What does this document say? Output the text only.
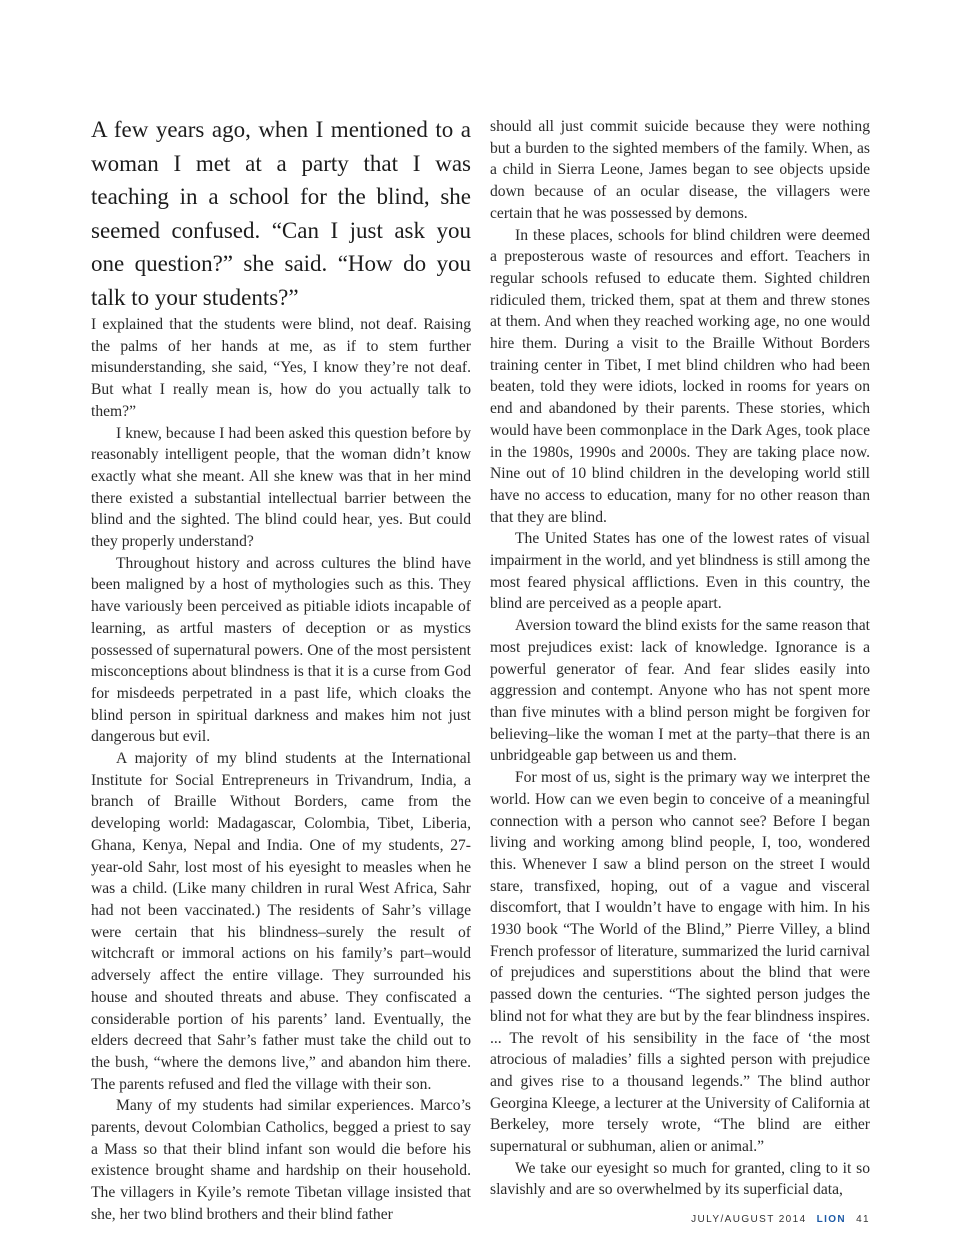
A few years ago, when I mentioned to a woman I met at a party that I was teaching in a school for the blind, she seemed confused. “Can I just ask you one question?” she said. “How do you talk to your students?”

I explained that the students were blind, not deaf. Raising the palms of her hands at me, as if to stem further misunderstanding, she said, “Yes, I know they’re not deaf. But what I really mean is, how do you actually talk to them?”

I knew, because I had been asked this question before by reasonably intelligent people, that the woman didn’t know exactly what she meant. All she knew was that in her mind there existed a substantial intellectual barrier between the blind and the sighted. The blind could hear, yes. But could they properly understand?

Throughout history and across cultures the blind have been maligned by a host of mythologies such as this. They have variously been perceived as pitiable idiots incapable of learning, as artful masters of deception or as mystics possessed of supernatural powers. One of the most persistent misconceptions about blindness is that it is a curse from God for misdeeds perpetrated in a past life, which cloaks the blind person in spiritual darkness and makes him not just dangerous but evil.

A majority of my blind students at the International Institute for Social Entrepreneurs in Trivandrum, India, a branch of Braille Without Borders, came from the developing world: Madagascar, Colombia, Tibet, Liberia, Ghana, Kenya, Nepal and India. One of my students, 27-year-old Sahr, lost most of his eyesight to measles when he was a child. (Like many children in rural West Africa, Sahr had not been vaccinated.) The residents of Sahr’s village were certain that his blindness–surely the result of witchcraft or immoral actions on his family’s part–would adversely affect the entire village. They surrounded his house and shouted threats and abuse. They confiscated a considerable portion of his parents’ land. Eventually, the elders decreed that Sahr’s father must take the child out to the bush, “where the demons live,” and abandon him there. The parents refused and fled the village with their son.

Many of my students had similar experiences. Marco’s parents, devout Colombian Catholics, begged a priest to say a Mass so that their blind infant son would die before his existence brought shame and hardship on their household. The villagers in Kyile’s remote Tibetan village insisted that she, her two blind brothers and their blind father

should all just commit suicide because they were nothing but a burden to the sighted members of the family. When, as a child in Sierra Leone, James began to see objects upside down because of an ocular disease, the villagers were certain that he was possessed by demons.

In these places, schools for blind children were deemed a preposterous waste of resources and effort. Teachers in regular schools refused to educate them. Sighted children ridiculed them, tricked them, spat at them and threw stones at them. And when they reached working age, no one would hire them. During a visit to the Braille Without Borders training center in Tibet, I met blind children who had been beaten, told they were idiots, locked in rooms for years on end and abandoned by their parents. These stories, which would have been commonplace in the Dark Ages, took place in the 1980s, 1990s and 2000s. They are taking place now. Nine out of 10 blind children in the developing world still have no access to education, many for no other reason than that they are blind.

The United States has one of the lowest rates of visual impairment in the world, and yet blindness is still among the most feared physical afflictions. Even in this country, the blind are perceived as a people apart.

Aversion toward the blind exists for the same reason that most prejudices exist: lack of knowledge. Ignorance is a powerful generator of fear. And fear slides easily into aggression and contempt. Anyone who has not spent more than five minutes with a blind person might be forgiven for believing–like the woman I met at the party–that there is an unbridgeable gap between us and them.

For most of us, sight is the primary way we interpret the world. How can we even begin to conceive of a meaningful connection with a person who cannot see? Before I began living and working among blind people, I, too, wondered this. Whenever I saw a blind person on the street I would stare, transfixed, hoping, out of a vague and visceral discomfort, that I wouldn’t have to engage with him. In his 1930 book “The World of the Blind,” Pierre Villey, a blind French professor of literature, summarized the lurid carnival of prejudices and superstitions about the blind that were passed down the centuries. “The sighted person judges the blind not for what they are but by the fear blindness inspires. ... The revolt of his sensibility in the face of ‘the most atrocious of maladies’ fills a sighted person with prejudice and gives rise to a thousand legends.” The blind author Georgina Kleege, a lecturer at the University of California at Berkeley, more tersely wrote, “The blind are either supernatural or subhuman, alien or animal.”

We take our eyesight so much for granted, cling to it so slavishly and are so overwhelmed by its superficial data,

JULY/AUGUST 2014 LION 41
